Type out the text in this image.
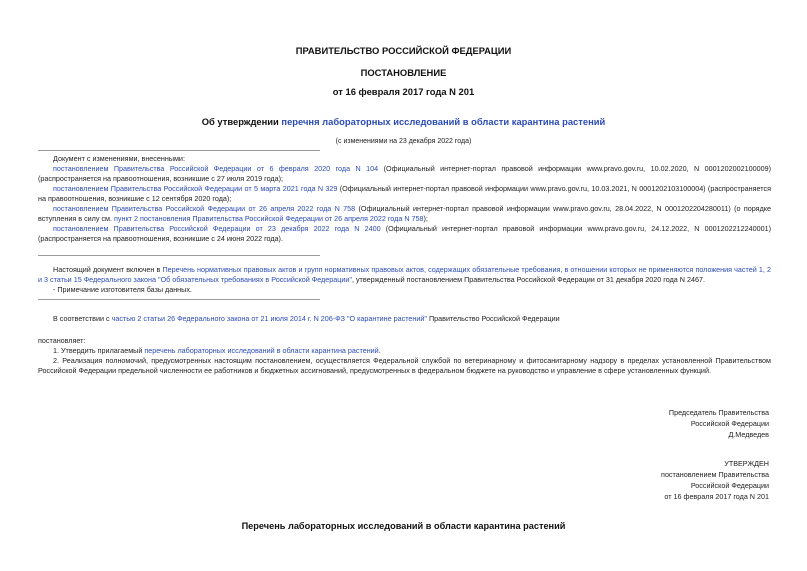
ПРАВИТЕЛЬСТВО РОССИЙСКОЙ ФЕДЕРАЦИИ
ПОСТАНОВЛЕНИЕ
от 16 февраля 2017 года N 201
Об утверждении перечня лабораторных исследований в области карантина растений
(с изменениями на 23 декабря 2022 года)
Документ с изменениями, внесенными:
постановлением Правительства Российской Федерации от 6 февраля 2020 года N 104 (Официальный интернет-портал правовой информации www.pravo.gov.ru, 10.02.2020, N 0001202002100009) (распространяется на правоотношения, возникшие с 27 июля 2019 года);
постановлением Правительства Российской Федерации от 5 марта 2021 года N 329 (Официальный интернет-портал правовой информации www.pravo.gov.ru, 10.03.2021, N 0001202103100004) (распространяется на правоотношения, возникшие с 12 сентября 2020 года);
постановлением Правительства Российской Федерации от 26 апреля 2022 года N 758 (Официальный интернет-портал правовой информации www.pravo.gov.ru, 28.04.2022, N 0001202204280011) (о порядке вступления в силу см. пункт 2 постановления Правительства Российской Федерации от 26 апреля 2022 года N 758);
постановлением Правительства Российской Федерации от 23 декабря 2022 года N 2400 (Официальный интернет-портал правовой информации www.pravo.gov.ru, 24.12.2022, N 0001202212240001) (распространяется на правоотношения, возникшие с 24 июня 2022 года).
Настоящий документ включен в Перечень нормативных правовых актов и групп нормативных правовых актов, содержащих обязательные требования, в отношении которых не применяются положения частей 1, 2 и 3 статьи 15 Федерального закона "Об обязательных требованиях в Российской Федерации", утвержденный постановлением Правительства Российской Федерации от 31 декабря 2020 года N 2467.
- Примечание изготовителя базы данных.
В соответствии с частью 2 статьи 26 Федерального закона от 21 июля 2014 г. N 206-ФЗ "О карантине растений" Правительство Российской Федерации
постановляет:
1. Утвердить прилагаемый перечень лабораторных исследований в области карантина растений.
2. Реализация полномочий, предусмотренных настоящим постановлением, осуществляется Федеральной службой по ветеринарному и фитосанитарному надзору в пределах установленной Правительством Российской Федерации предельной численности ее работников и бюджетных ассигнований, предусмотренных в федеральном бюджете на руководство и управление в сфере установленных функций.
Председатель Правительства
Российской Федерации
Д.Медведев
УТВЕРЖДЕН
постановлением Правительства
Российской Федерации
от 16 февраля 2017 года N 201
Перечень лабораторных исследований в области карантина растений
